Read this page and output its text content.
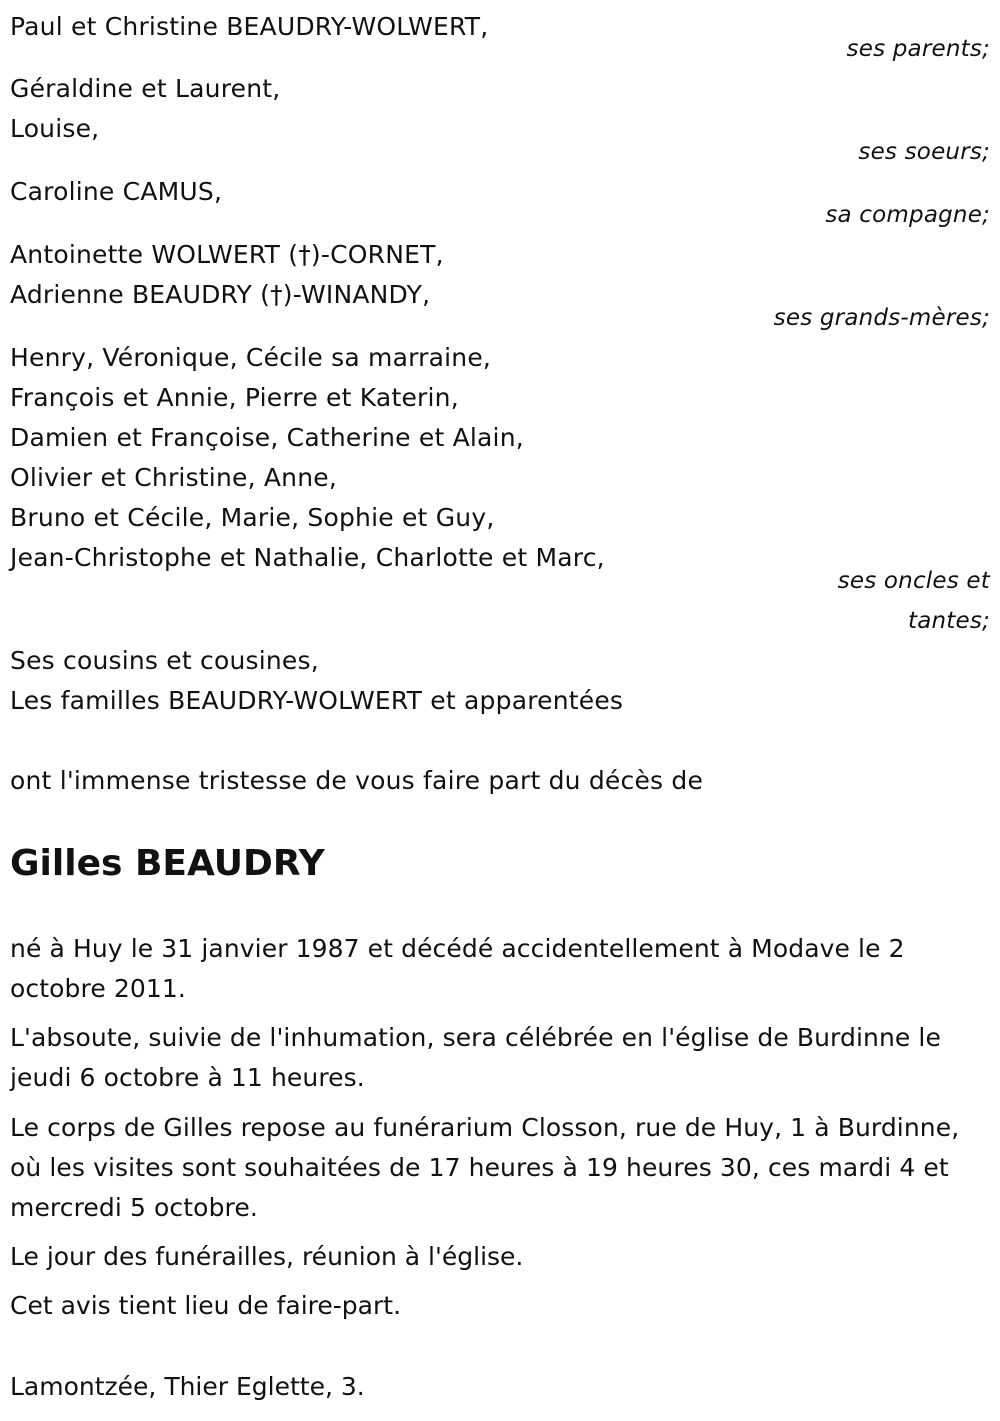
Paul et Christine BEAUDRY-WOLWERT,
ses parents;
Géraldine et Laurent,
Louise,
ses soeurs;
Caroline CAMUS,
sa compagne;
Antoinette WOLWERT (†)-CORNET,
Adrienne BEAUDRY (†)-WINANDY,
ses grands-mères;
Henry, Véronique, Cécile sa marraine,
François et Annie, Pierre et Katerin,
Damien et Françoise, Catherine et Alain,
Olivier et Christine, Anne,
Bruno et Cécile, Marie, Sophie et Guy,
Jean-Christophe et Nathalie, Charlotte et Marc,
ses oncles et
tantes;
Ses cousins et cousines,
Les familles BEAUDRY-WOLWERT et apparentées
ont l'immense tristesse de vous faire part du décès de
Gilles BEAUDRY
né à Huy le 31 janvier 1987 et décédé accidentellement à Modave le 2 octobre 2011.
L'absoute, suivie de l'inhumation, sera célébrée en l'église de Burdinne le jeudi 6 octobre à 11 heures.
Le corps de Gilles repose au funérarium Closson, rue de Huy, 1 à Burdinne, où les visites sont souhaitées de 17 heures à 19 heures 30, ces mardi 4 et mercredi 5 octobre.
Le jour des funérailles, réunion à l'église.
Cet avis tient lieu de faire-part.
Lamontzée, Thier Eglette, 3.
